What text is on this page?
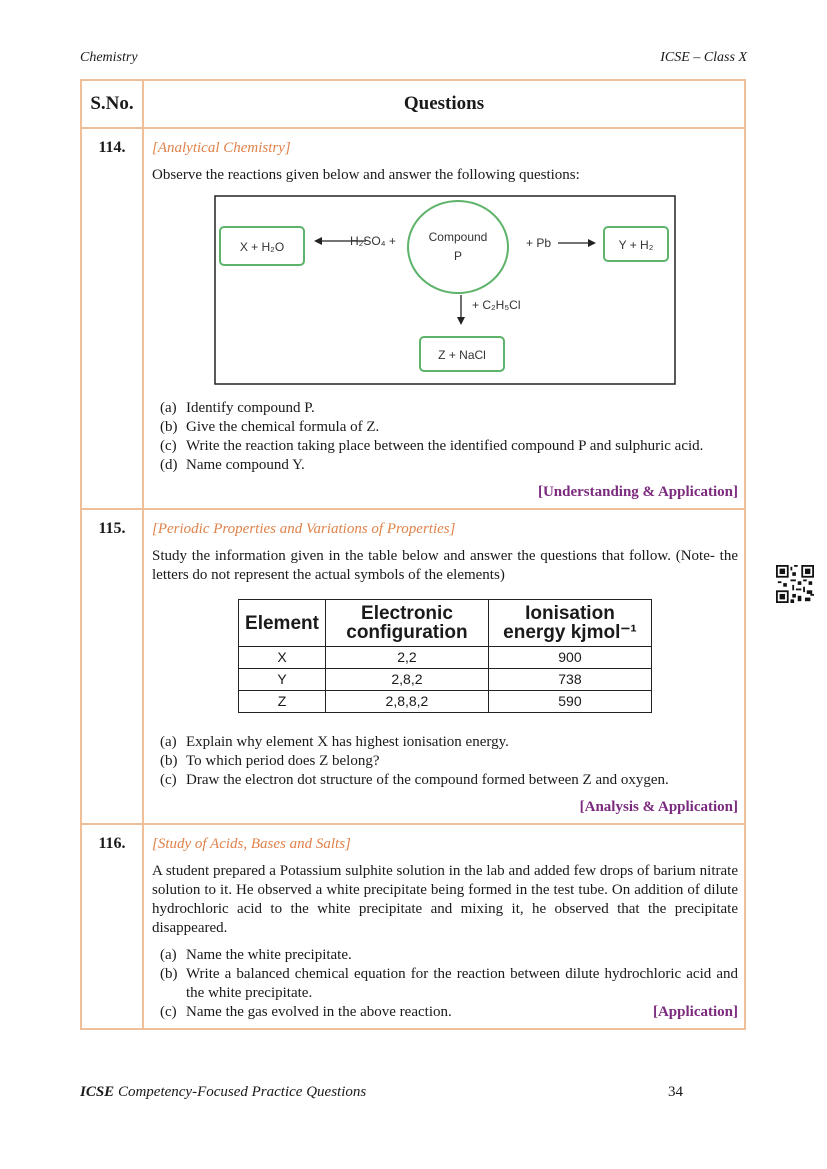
Chemistry	ICSE – Class X
S.No.	Questions
114.	[Analytical Chemistry]
Observe the reactions given below and answer the following questions:
X + H₂O	H₂SO₄ +	Compound
P
+ Pb	Y + H₂
+ C₂H₅Cl
Z + NaCl
(a) Identify compound P.
(b) Give the chemical formula of Z.
(c) Write the reaction taking place between the identified compound P and sulphuric acid.
(d) Name compound Y.
[Understanding & Application]

115.	[Periodic Properties and Variations of Properties]
Study the information given in the table below and answer the questions that follow. (Note- the letters do not represent the actual symbols of the elements)
Element	Electronic configuration	Ionisation energy kjmol⁻¹
X	2,2	900
Y	2,8,2	738
Z	2,8,8,2	590
(a) Explain why element X has highest ionisation energy.
(b) To which period does Z belong?
(c) Draw the electron dot structure of the compound formed between Z and oxygen.
[Analysis & Application]

116.	[Study of Acids, Bases and Salts]
A student prepared a Potassium sulphite solution in the lab and added few drops of barium nitrate solution to it. He observed a white precipitate being formed in the test tube. On addition of dilute hydrochloric acid to the white precipitate and mixing it, he observed that the precipitate disappeared.
(a) Name the white precipitate.
(b) Write a balanced chemical equation for the reaction between dilute hydrochloric acid and the white precipitate.
(c) Name the gas evolved in the above reaction.	[Application]
ICSE Competency-Focused Practice Questions	34
